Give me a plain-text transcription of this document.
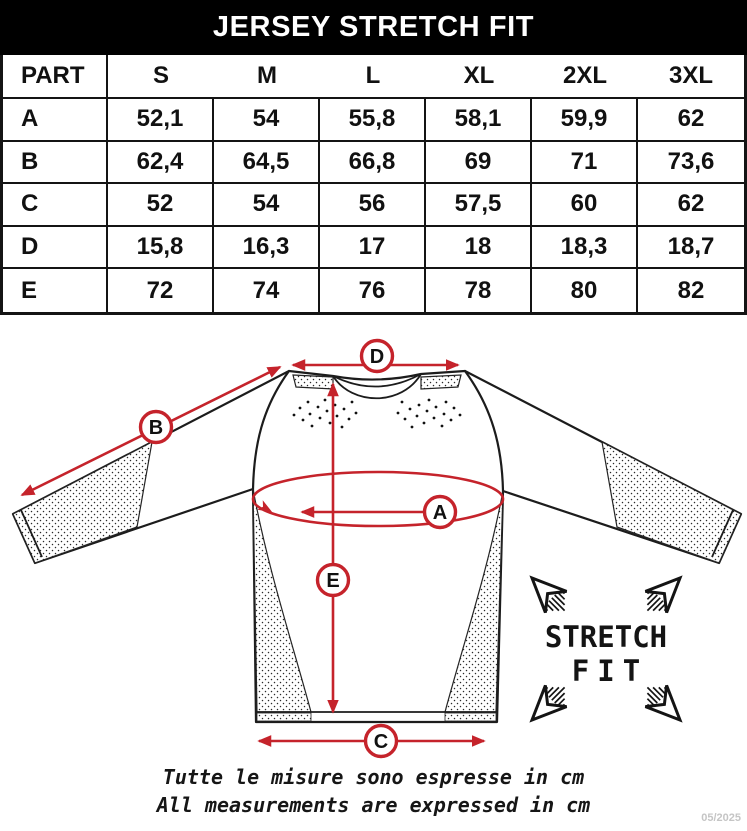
JERSEY STRETCH FIT
PART	S	M	L	XL	2XL	3XL
A	52,1	54	55,8	58,1	59,9	62
B	62,4	64,5	66,8	69	71	73,6
C	52	54	56	57,5	60	62
D	15,8	16,3	17	18	18,3	18,7
E	72	74	76	78	80	82
D
B
A
E
C
STRETCH
FIT
Tutte le misure sono espresse in cm
All measurements are expressed in cm
05/2025
